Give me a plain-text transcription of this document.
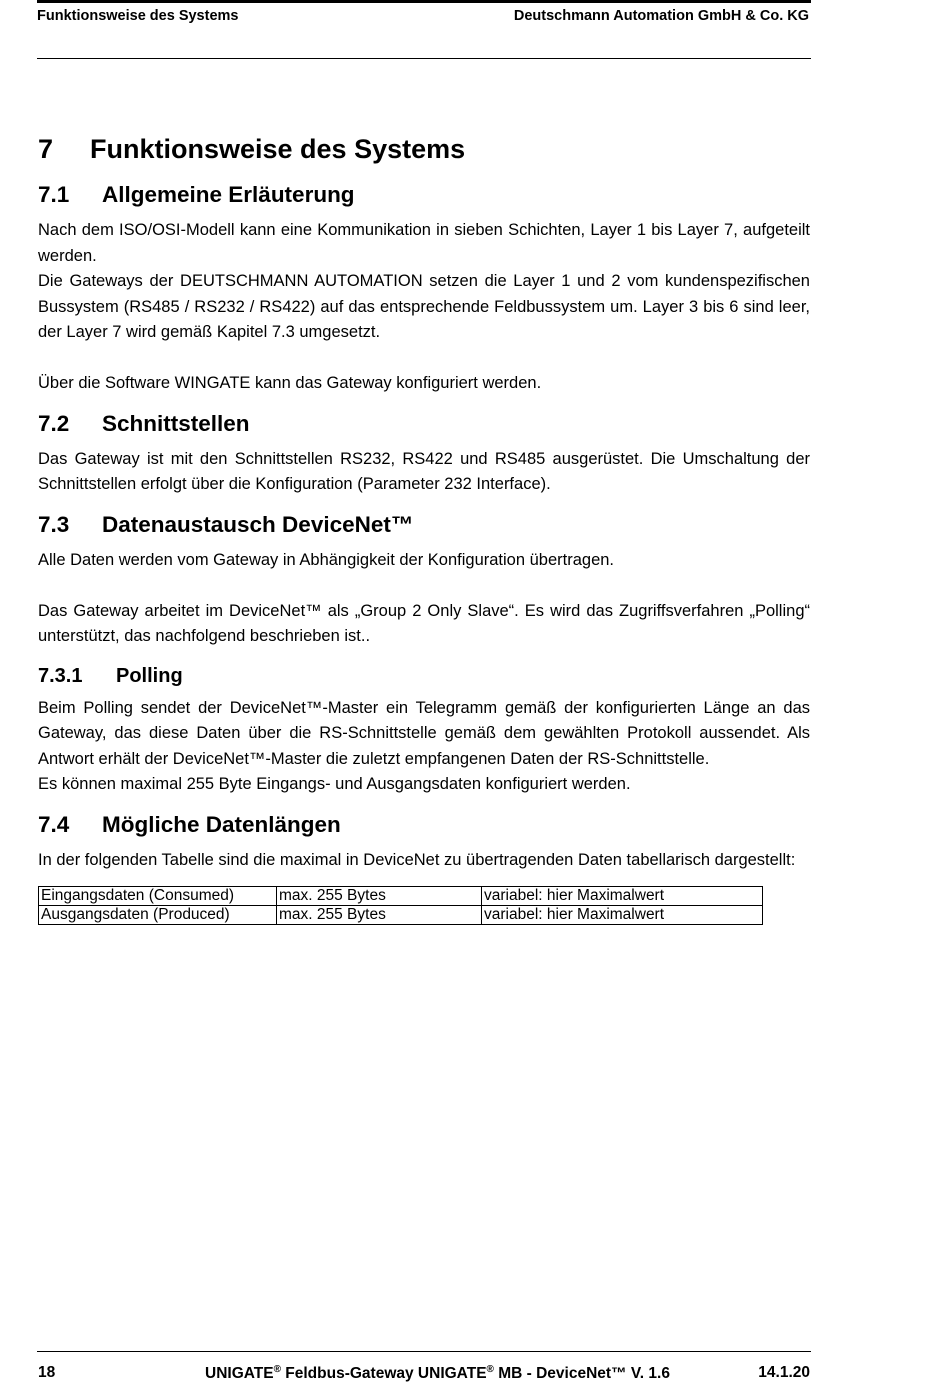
Funktionsweise des Systems	Deutschmann Automation GmbH & Co. KG
7	Funktionsweise des Systems
7.1	Allgemeine Erläuterung

Nach dem ISO/OSI-Modell kann eine Kommunikation in sieben Schichten, Layer 1 bis Layer 7, aufgeteilt werden.

Die Gateways der DEUTSCHMANN AUTOMATION setzen die Layer 1 und 2 vom kundenspezifischen Bussystem (RS485 / RS232 / RS422) auf das entsprechende Feldbussystem um. Layer 3 bis 6 sind leer, der Layer 7 wird gemäß Kapitel 7.3 umgesetzt.

Über die Software WINGATE kann das Gateway konfiguriert werden.

7.2	Schnittstellen

Das Gateway ist mit den Schnittstellen RS232, RS422 und RS485 ausgerüstet. Die Umschaltung der Schnittstellen erfolgt über die Konfiguration (Parameter 232 Interface).

7.3	Datenaustausch DeviceNet™

Alle Daten werden vom Gateway in Abhängigkeit der Konfiguration übertragen.

Das Gateway arbeitet im DeviceNet™ als „Group 2 Only Slave“. Es wird das Zugriffsverfahren „Polling“ unterstützt, das nachfolgend beschrieben ist..

7.3.1	Polling

Beim Polling sendet der DeviceNet™-Master ein Telegramm gemäß der konfigurierten Länge an das Gateway, das diese Daten über die RS-Schnittstelle gemäß dem gewählten Protokoll aussendet. Als Antwort erhält der DeviceNet™-Master die zuletzt empfangenen Daten der RS-Schnittstelle.

Es können maximal 255 Byte Eingangs- und Ausgangsdaten konfiguriert werden.

7.4	Mögliche Datenlängen

In der folgenden Tabelle sind die maximal in DeviceNet zu übertragenden Daten tabellarisch dargestellt:

Eingangsdaten (Consumed)	max. 255 Bytes	variabel: hier Maximalwert
Ausgangsdaten (Produced)	max. 255 Bytes	variabel: hier Maximalwert
18	UNIGATE® Feldbus-Gateway UNIGATE® MB - DeviceNet™ V. 1.6	14.1.20
